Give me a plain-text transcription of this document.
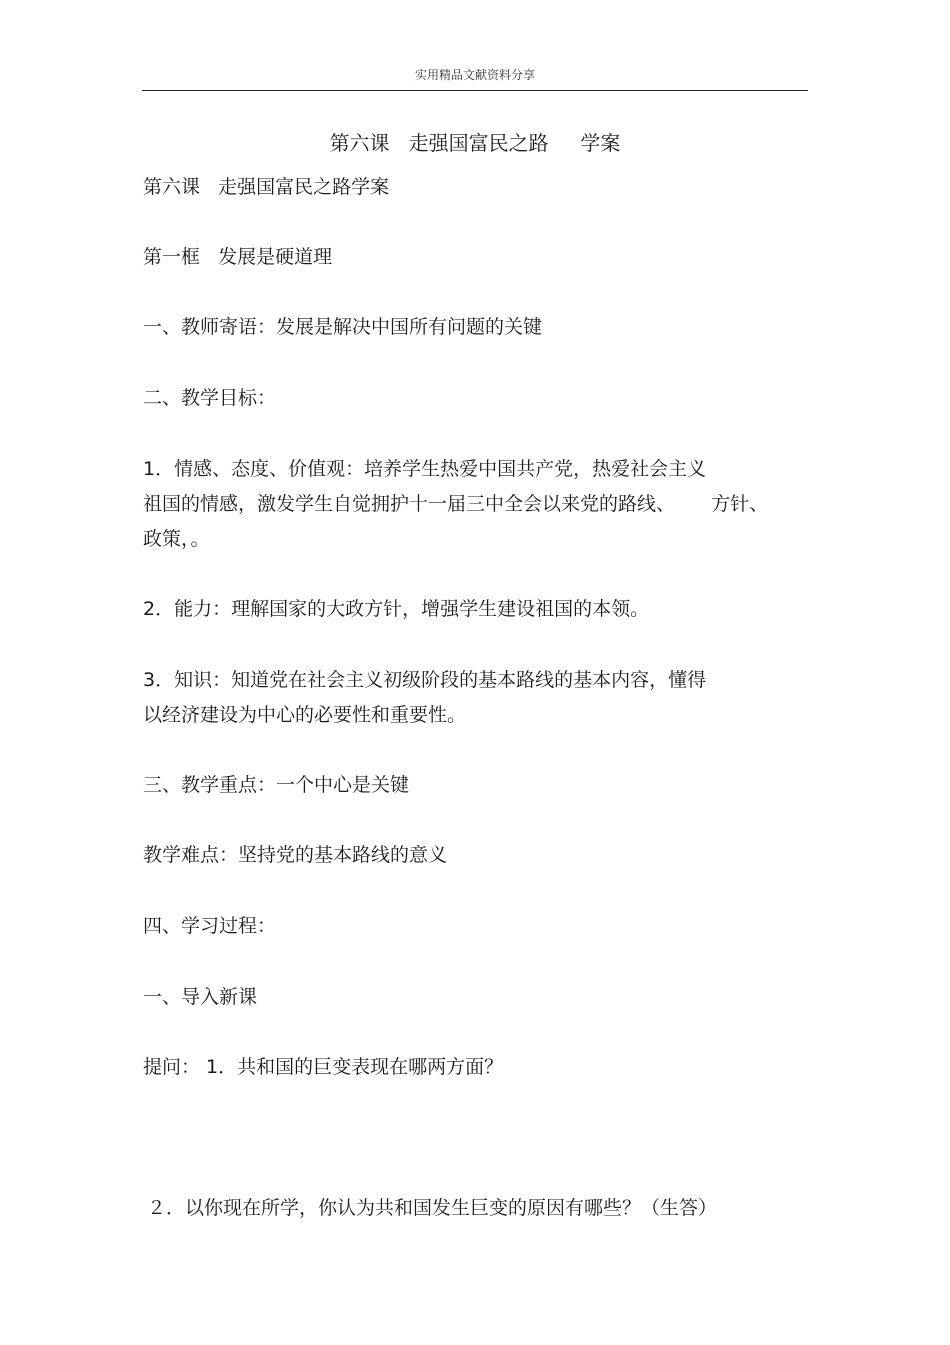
实用精品文献资料分享
第六课   走强国富民之路     学案
第六课   走强国富民之路学案
第一框   发展是硬道理
一、教师寄语：发展是解决中国所有问题的关键
二、教学目标：
1．情感、态度、价值观：培养学生热爱中国共产党，热爱社会主义
祖国的情感，激发学生自觉拥护十一届三中全会以来党的路线、      方针、
政策，。
2．能力：理解国家的大政方针，增强学生建设祖国的本领。
3．知识：知道党在社会主义初级阶段的基本路线的基本内容，懂得
以经济建设为中心的必要性和重要性。
三、教学重点：一个中心是关键
教学难点：坚持党的基本路线的意义
四、学习过程：
一、导入新课
提问： 1．共和国的巨变表现在哪两方面？
２．以你现在所学，你认为共和国发生巨变的原因有哪些？（生答）
